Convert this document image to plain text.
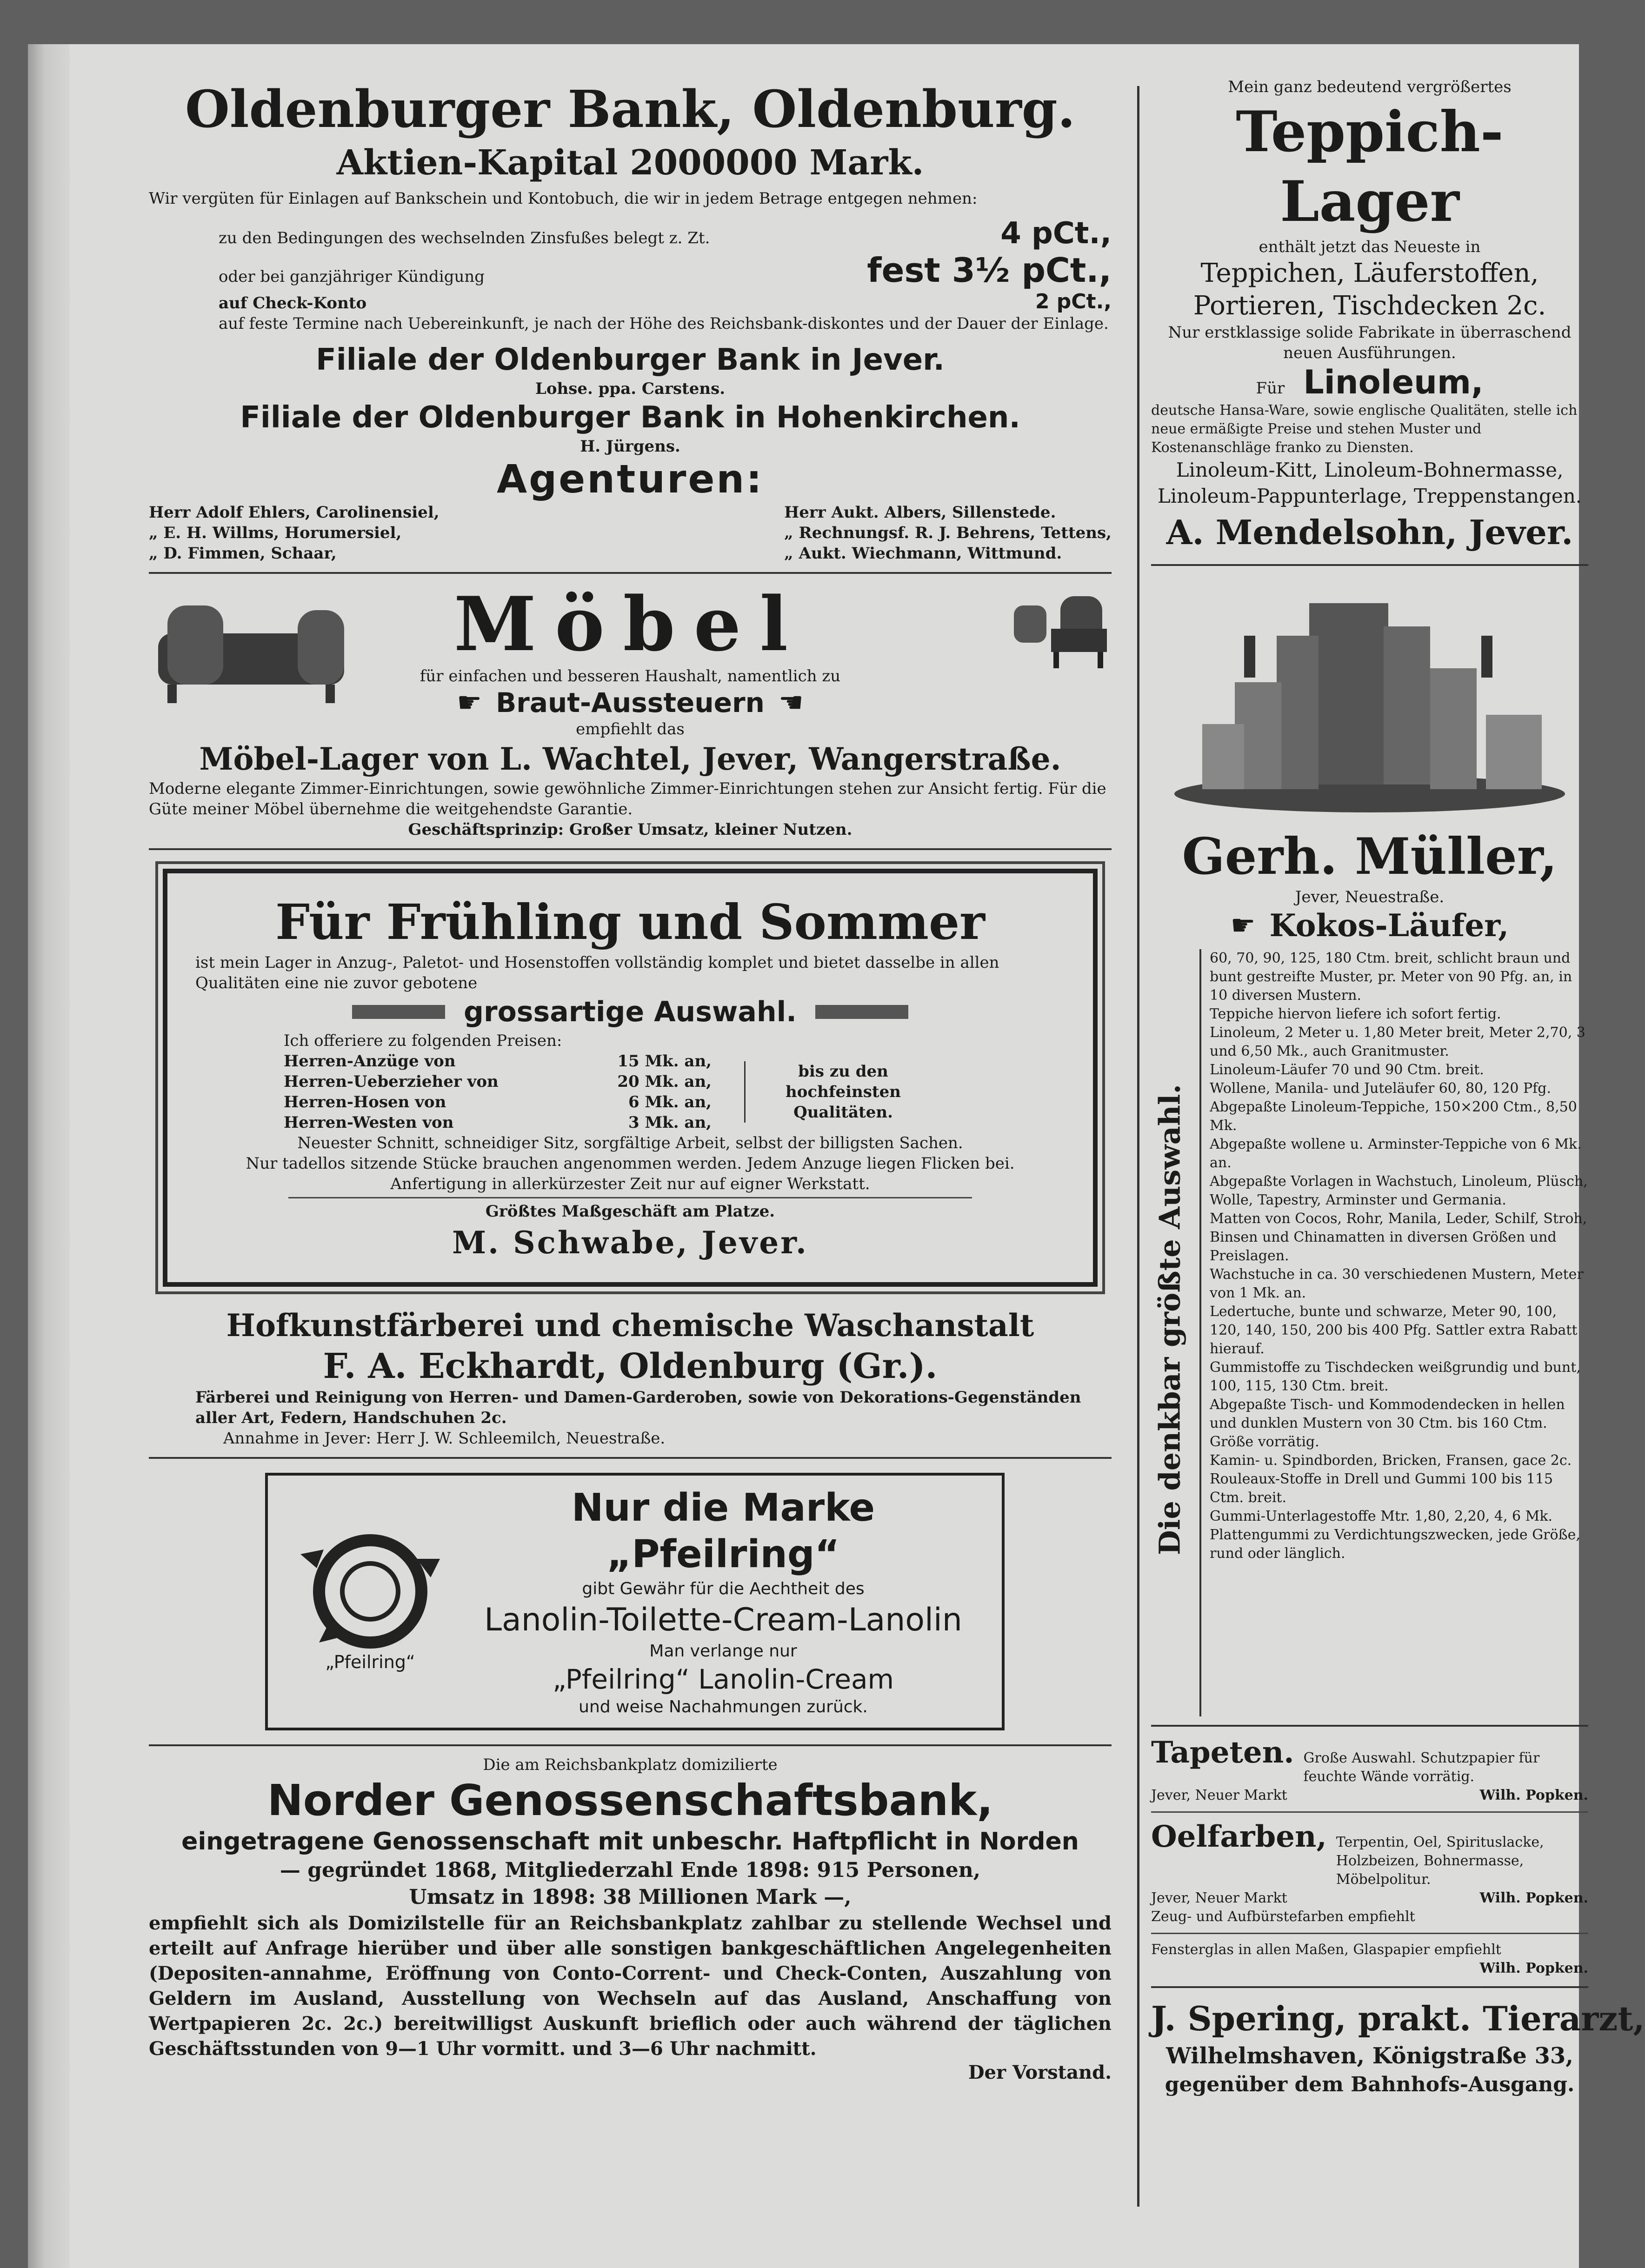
Oldenburger Bank, Oldenburg.
Aktien-Kapital 2000000 Mark.
Wir vergüten für Einlagen auf Bankschein und Kontobuch, die wir in jedem Betrage entgegen nehmen:
zu den Bedingungen des wechselnden Zinsfußes belegt z. Zt.	4 pCt.,
oder bei ganzjähriger Kündigung	fest 3½ pCt.,
auf Check-Konto	2 pCt.,
auf feste Termine nach Uebereinkunft, je nach der Höhe des Reichsbank-diskontes und der Dauer der Einlage.
Filiale der Oldenburger Bank in Jever.
Lohse. ppa. Carstens.
Filiale der Oldenburger Bank in Hohenkirchen.
H. Jürgens.
Agenturen:
Herr Adolf Ehlers, Carolinensiel,
„ E. H. Willms, Horumersiel,
„ D. Fimmen, Schaar,
Herr Aukt. Albers, Sillenstede.
„ Rechnungsf. R. J. Behrens, Tettens,
„ Aukt. Wiechmann, Wittmund.
Möbel
für einfachen und besseren Haushalt, namentlich zu
☛ Braut-Aussteuern ☛
empfiehlt das
Möbel-Lager von L. Wachtel, Jever, Wangerstraße.
Moderne elegante Zimmer-Einrichtungen, sowie gewöhnliche Zimmer-Einrichtungen stehen zur Ansicht fertig. Für die Güte meiner Möbel übernehme die weitgehendste Garantie.
Geschäftsprinzip: Großer Umsatz, kleiner Nutzen.
Für Frühling und Sommer
ist mein Lager in Anzug-, Paletot- und Hosenstoffen vollständig komplet und bietet dasselbe in allen Qualitäten eine nie zuvor gebotene
grossartige Auswahl.
Ich offeriere zu folgenden Preisen:
Herren-Anzüge von	15 Mk. an,
Herren-Ueberzieher von	20 Mk. an,
Herren-Hosen von	6 Mk. an,
Herren-Westen von	3 Mk. an,
bis zu den hochfeinsten Qualitäten.
Neuester Schnitt, schneidiger Sitz, sorgfältige Arbeit, selbst der billigsten Sachen.
Nur tadellos sitzende Stücke brauchen angenommen werden. Jedem Anzuge liegen Flicken bei.
Anfertigung in allerkürzester Zeit nur auf eigner Werkstatt.
Größtes Maßgeschäft am Platze.
M. Schwabe, Jever.
Hofkunstfärberei und chemische Waschanstalt
F. A. Eckhardt, Oldenburg (Gr.).
Färberei und Reinigung von Herren- und Damen-Garderoben, sowie von Dekorations-Gegenständen aller Art, Federn, Handschuhen 2c.
Annahme in Jever: Herr J. W. Schleemilch, Neuestraße.
„Pfeilring“
Nur die Marke „Pfeilring“
gibt Gewähr für die Aechtheit des
Lanolin-Toilette-Cream-Lanolin
Man verlange nur
„Pfeilring“ Lanolin-Cream
und weise Nachahmungen zurück.
Die am Reichsbankplatz domizilierte
Norder Genossenschaftsbank,
eingetragene Genossenschaft mit unbeschr. Haftpflicht in Norden
— gegründet 1868, Mitgliederzahl Ende 1898: 915 Personen,
Umsatz in 1898: 38 Millionen Mark —,
empfiehlt sich als Domizilstelle für an Reichsbankplatz zahlbar zu stellende Wechsel und erteilt auf Anfrage hierüber und über alle sonstigen bankgeschäftlichen Angelegenheiten (Depositen-annahme, Eröffnung von Conto-Corrent- und Check-Conten, Auszahlung von Geldern im Ausland, Ausstellung von Wechseln auf das Ausland, Anschaffung von Wertpapieren 2c. 2c.) bereitwilligst Auskunft brieflich oder auch während der täglichen Geschäftsstunden von 9—1 Uhr vormitt. und 3—6 Uhr nachmitt.
Der Vorstand.
Mein ganz bedeutend vergrößertes
Teppich-Lager
enthält jetzt das Neueste in
Teppichen, Läuferstoffen, Portieren, Tischdecken 2c.
Nur erstklassige solide Fabrikate in überraschend neuen Ausführungen.
Für Linoleum,
deutsche Hansa-Ware, sowie englische Qualitäten, stelle ich neue ermäßigte Preise und stehen Muster und Kostenanschläge franko zu Diensten.
Linoleum-Kitt, Linoleum-Bohnermasse, Linoleum-Pappunterlage, Treppenstangen.
A. Mendelsohn, Jever.
Gerh. Müller,
Jever, Neuestraße.
☛ Kokos-Läufer,
Die denkbar größte Auswahl.
60, 70, 90, 125, 180 Ctm. breit, schlicht braun und bunt gestreifte Muster, pr. Meter von 90 Pfg. an, in 10 diversen Mustern.
Teppiche hiervon liefere ich sofort fertig.
Linoleum, 2 Meter u. 1,80 Meter breit, Meter 2,70, 3 und 6,50 Mk., auch Granitmuster.
Linoleum-Läufer 70 und 90 Ctm. breit.
Wollene, Manila- und Juteläufer 60, 80, 120 Pfg.
Abgepaßte Linoleum-Teppiche, 150×200 Ctm., 8,50 Mk.
Abgepaßte wollene u. Arminster-Teppiche von 6 Mk. an.
Abgepaßte Vorlagen in Wachstuch, Linoleum, Plüsch, Wolle, Tapestry, Arminster und Germania.
Matten von Cocos, Rohr, Manila, Leder, Schilf, Stroh, Binsen und Chinamatten in diversen Größen und Preislagen.
Wachstuche in ca. 30 verschiedenen Mustern, Meter von 1 Mk. an.
Ledertuche, bunte und schwarze, Meter 90, 100, 120, 140, 150, 200 bis 400 Pfg. Sattler extra Rabatt hierauf.
Gummistoffe zu Tischdecken weißgrundig und bunt, 100, 115, 130 Ctm. breit.
Abgepaßte Tisch- und Kommodendecken in hellen und dunklen Mustern von 30 Ctm. bis 160 Ctm. Größe vorrätig.
Kamin- u. Spindborden, Bricken, Fransen, gace 2c.
Rouleaux-Stoffe in Drell und Gummi 100 bis 115 Ctm. breit.
Gummi-Unterlagestoffe Mtr. 1,80, 2,20, 4, 6 Mk.
Plattengummi zu Verdichtungszwecken, jede Größe, rund oder länglich.
Tapeten. Große Auswahl. Schutzpapier für feuchte Wände vorrätig.
Jever, Neuer Markt	Wilh. Popken.
Oelfarben, Terpentin, Oel, Spirituslacke, Holzbeizen, Bohnermasse, Möbelpolitur.
Jever, Neuer Markt	Wilh. Popken.
Zeug- und Aufbürstefarben empfiehlt
Fensterglas in allen Maßen, Glaspapier empfiehlt
Wilh. Popken.
J. Spering, prakt. Tierarzt,
Wilhelmshaven, Königstraße 33,
gegenüber dem Bahnhofs-Ausgang.
